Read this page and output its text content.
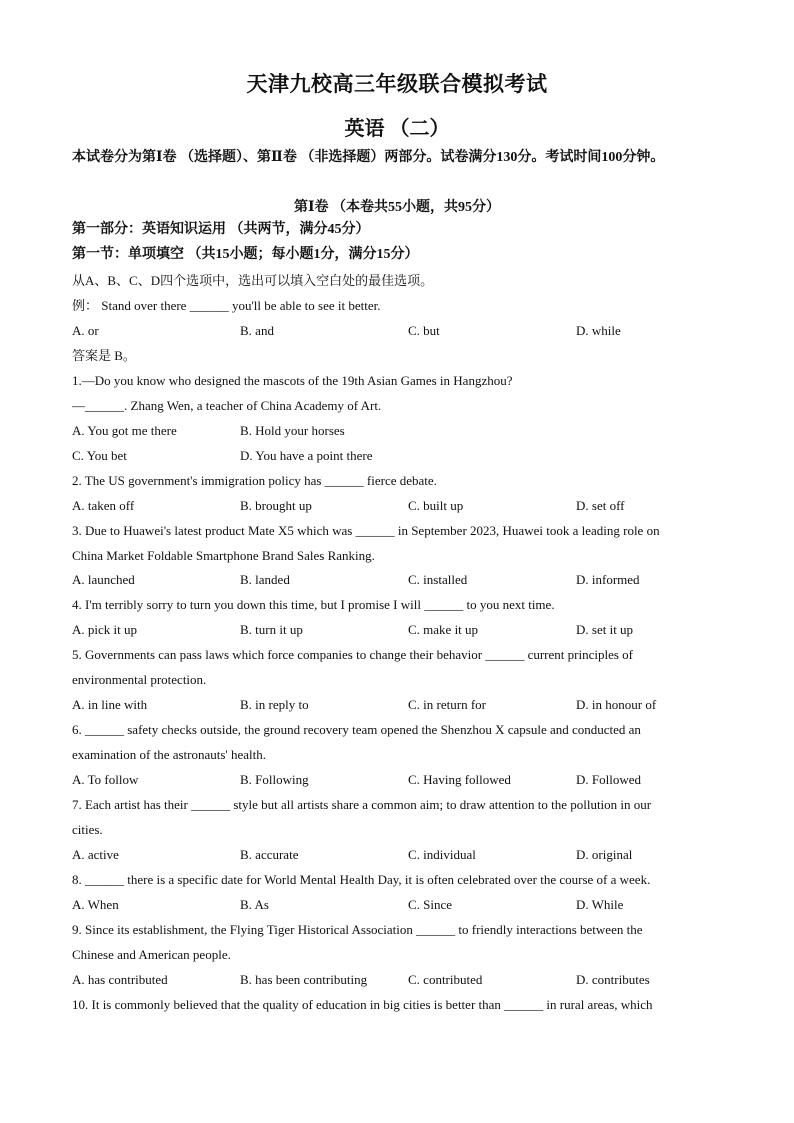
天津九校高三年级联合模拟考试
英语 （二）
本试卷分为第Ⅰ卷 （选择题）、第Ⅱ卷 （非选择题）两部分。试卷满分130分。考试时间100分钟。
第Ⅰ卷 （本卷共55小题，共95分）
第一部分：英语知识运用 （共两节，满分45分）
第一节：单项填空 （共15小题；每小题1分，满分15分）
从A、B、C、D四个选项中，选出可以填入空白处的最佳选项。
例： Stand over there ______ you'll be able to see it better.
A. or	B. and	C. but	D. while
答案是 B。
1.—Do you know who designed the mascots of the 19th Asian Games in Hangzhou?
—______. Zhang Wen, a teacher of China Academy of Art.
A. You got me there	B. Hold your horses
C. You bet	D. You have a point there
2. The US government's immigration policy has ______ fierce debate.
A. taken off	B. brought up	C. built up	D. set off
3. Due to Huawei's latest product Mate X5 which was ______ in September 2023, Huawei took a leading role on
China Market Foldable Smartphone Brand Sales Ranking.
A. launched	B. landed	C. installed	D. informed
4. I'm terribly sorry to turn you down this time, but I promise I will ______ to you next time.
A. pick it up	B. turn it up	C. make it up	D. set it up
5. Governments can pass laws which force companies to change their behavior ______ current principles of
environmental protection.
A. in line with	B. in reply to	C. in return for	D. in honour of
6. ______ safety checks outside, the ground recovery team opened the Shenzhou X capsule and conducted an
examination of the astronauts' health.
A. To follow	B. Following	C. Having followed	D. Followed
7. Each artist has their ______ style but all artists share a common aim; to draw attention to the pollution in our
cities.
A. active	B. accurate	C. individual	D. original
8. ______ there is a specific date for World Mental Health Day, it is often celebrated over the course of a week.
A. When	B. As	C. Since	D. While
9. Since its establishment, the Flying Tiger Historical Association ______ to friendly interactions between the
Chinese and American people.
A. has contributed	B. has been contributing	C. contributed	D. contributes
10. It is commonly believed that the quality of education in big cities is better than ______ in rural areas, which
